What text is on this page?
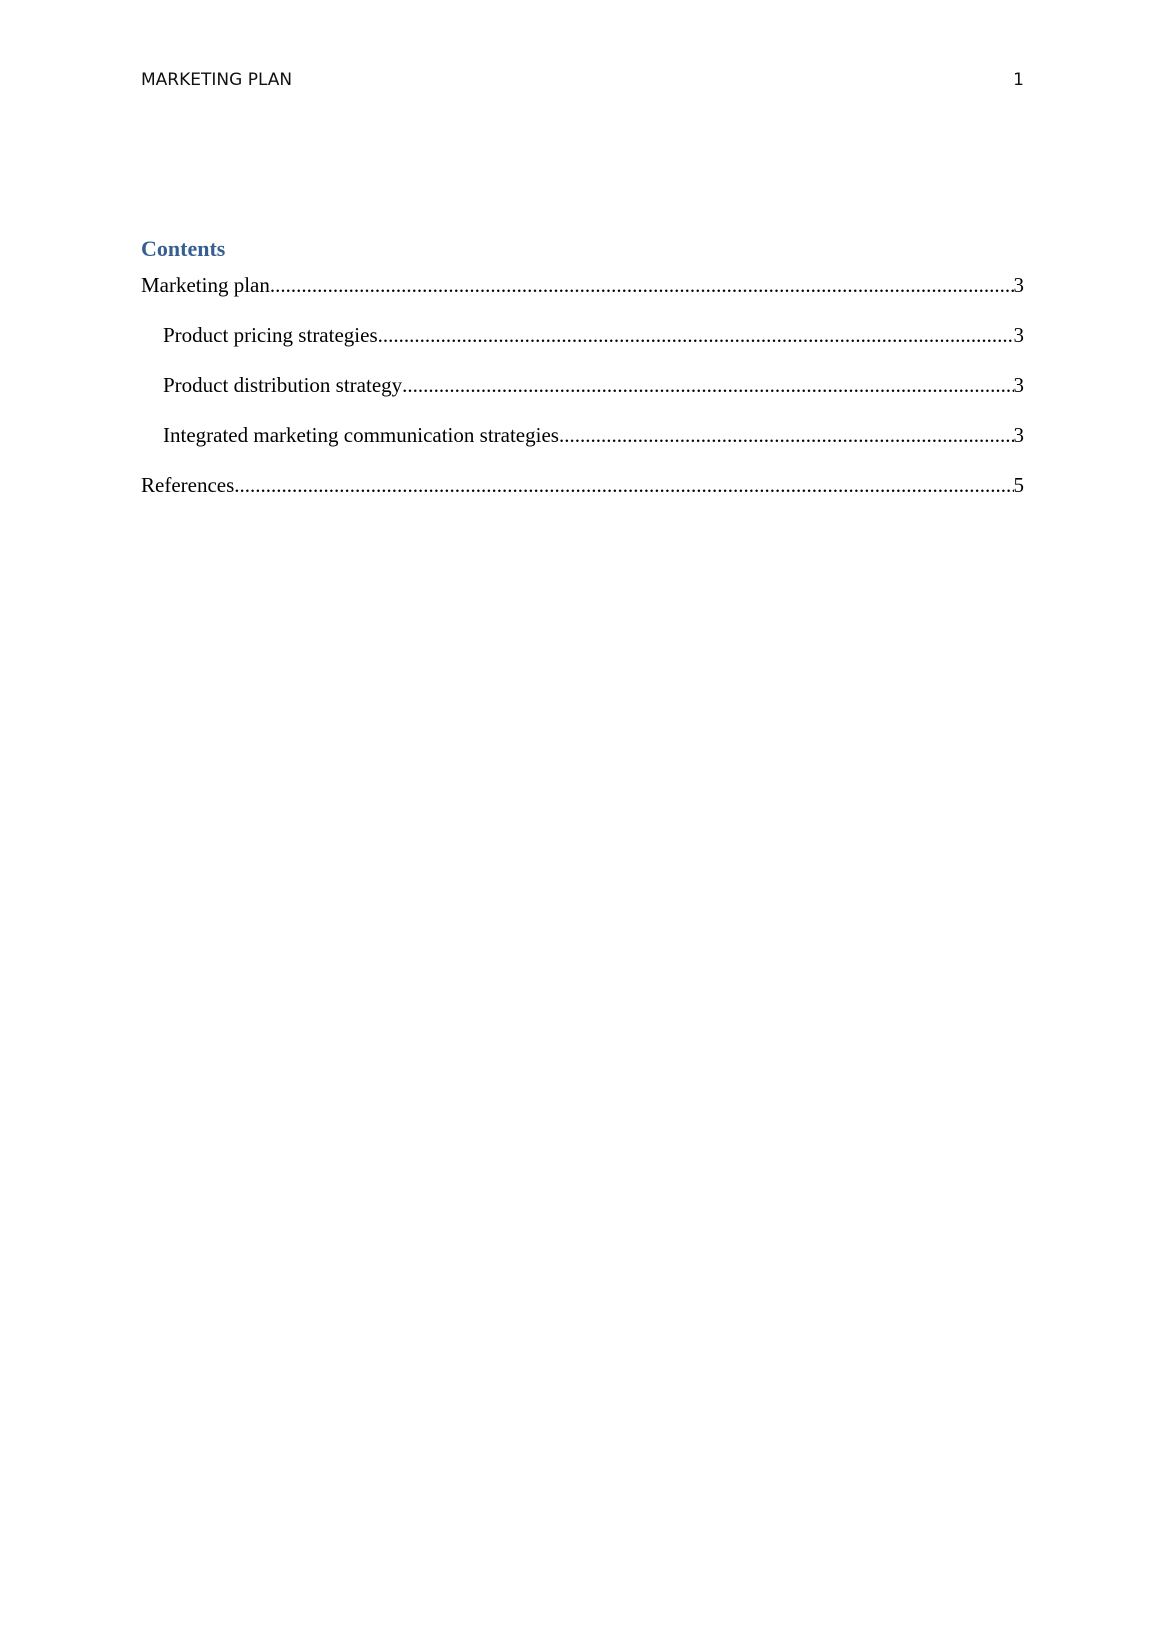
MARKETING PLAN	1
Contents
Marketing plan .....	3
Product pricing strategies .....	3
Product distribution strategy .....	3
Integrated marketing communication strategies .....	3
References .....	5
